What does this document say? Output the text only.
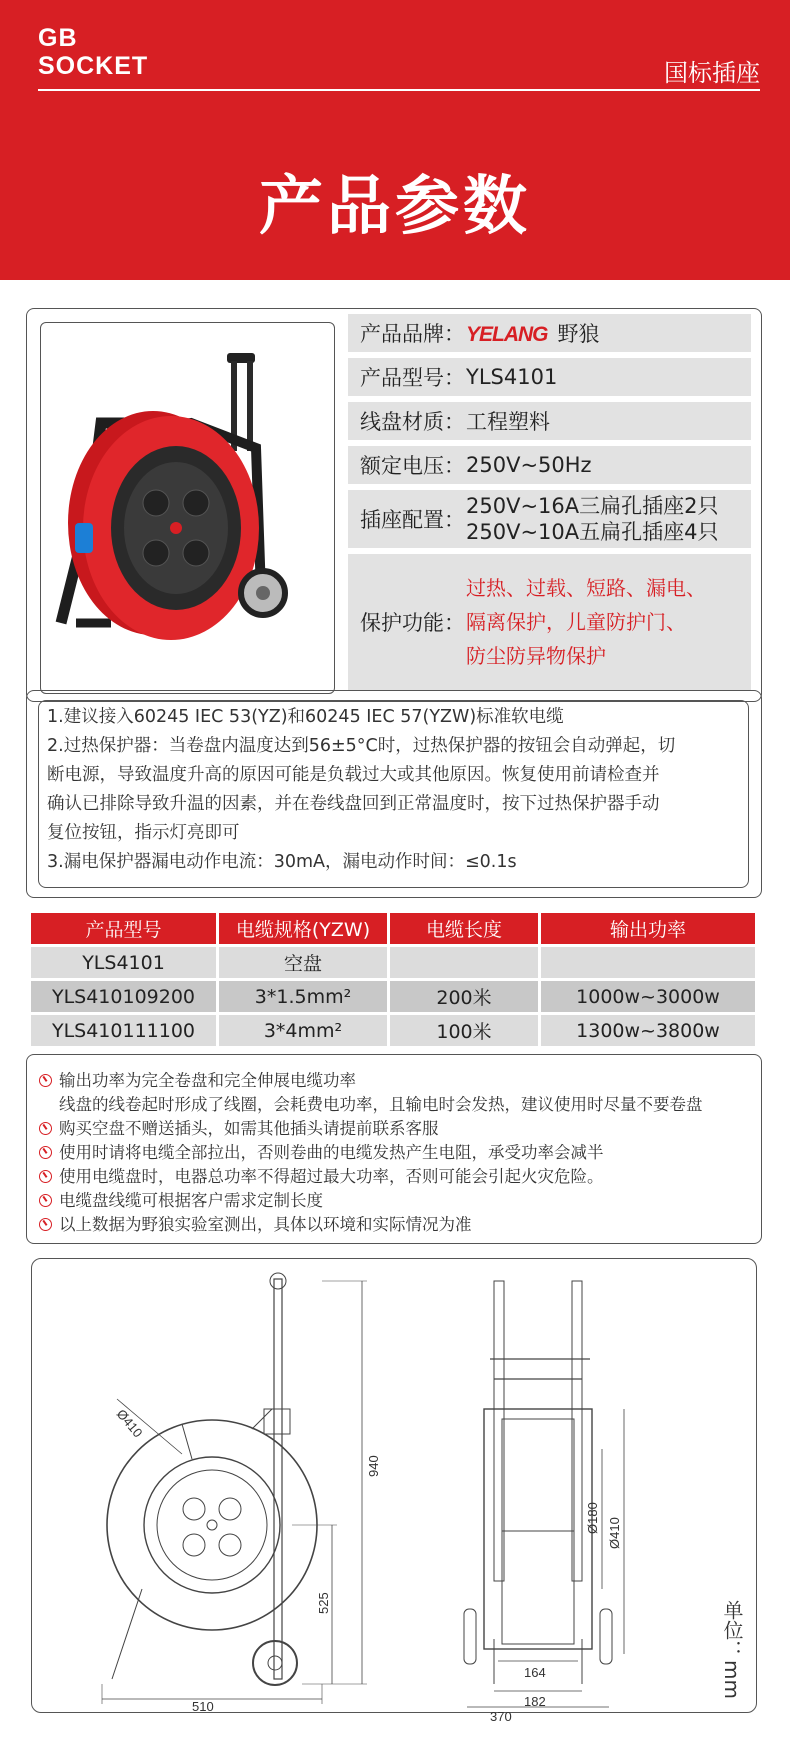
GB
SOCKET	国标插座
产品参数
产品品牌： YELANG 野狼
产品型号： YLS4101
线盘材质： 工程塑料
额定电压： 250V~50Hz
插座配置：
250V~16A三扁孔插座2只
250V~10A五扁孔插座4只
保护功能：
过热、过载、短路、漏电、
隔离保护，儿童防护门、
防尘防异物保护

1.建议接入60245 IEC 53(YZ)和60245 IEC 57(YZW)标准软电缆

2.过热保护器：当卷盘内温度达到56±5°C时，过热保护器的按钮会自动弹起，切

断电源，导致温度升高的原因可能是负载过大或其他原因。恢复使用前请检查并

确认已排除导致升温的因素，并在卷线盘回到正常温度时，按下过热保护器手动

复位按钮，指示灯亮即可

3.漏电保护器漏电动作电流：30mA，漏电动作时间：≤0.1s

产品型号	电缆规格(YZW)	电缆长度	输出功率
YLS4101	空盘		
YLS410109200	3*1.5mm²	200米	1000w~3000w
YLS410111100	3*4mm²	100米	1300w~3800w
输出功率为完全卷盘和完全伸展电缆功率
线盘的线卷起时形成了线圈，会耗费电功率，且输电时会发热，建议使用时尽量不要卷盘
购买空盘不赠送插头，如需其他插头请提前联系客服
使用时请将电缆全部拉出，否则卷曲的电缆发热产生电阻，承受功率会减半
使用电缆盘时，电器总功率不得超过最大功率，否则可能会引起火灾危险。
电缆盘线缆可根据客户需求定制长度
以上数据为野狼实验室测出，具体以环境和实际情况为准
Ø410
940
525
510
Ø180 Ø410
164
182
370
单位：mm
